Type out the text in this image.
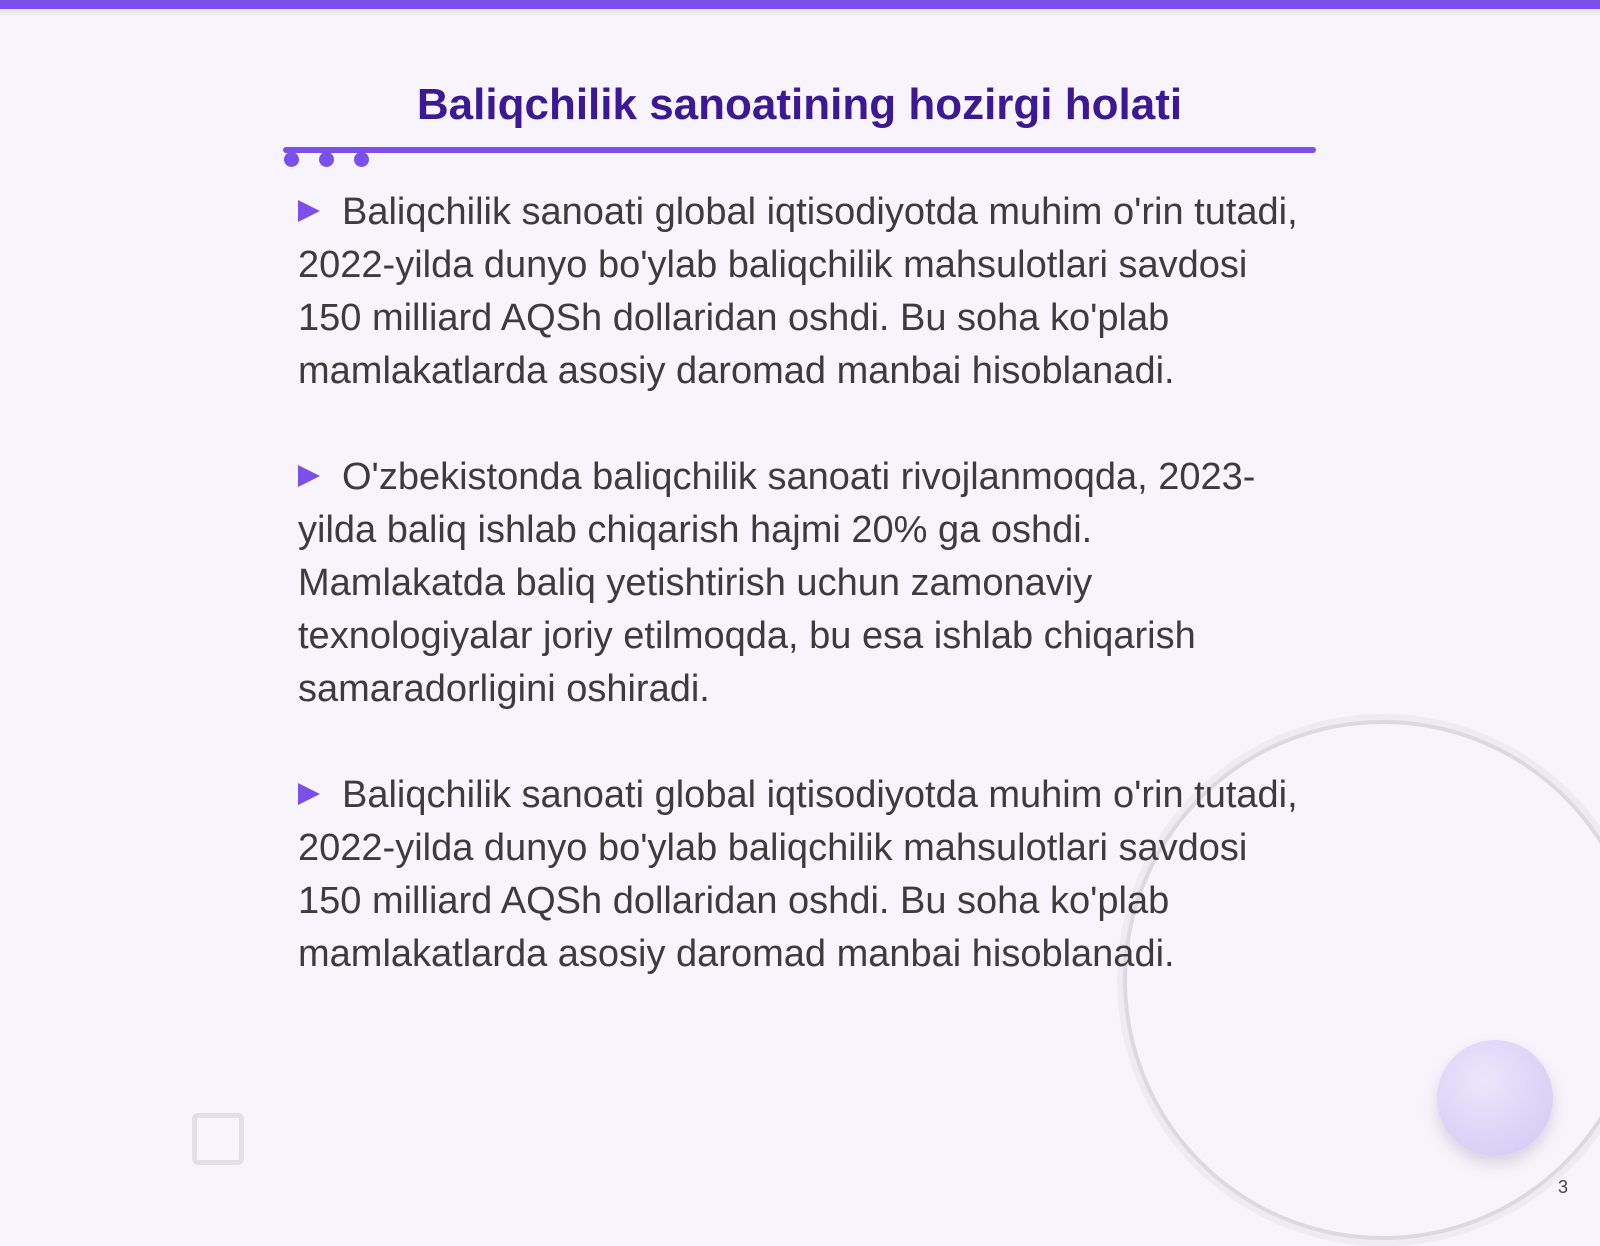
Baliqchilik sanoatining hozirgi holati

Baliqchilik sanoati global iqtisodiyotda muhim o'rin tutadi, 2022-yilda dunyo bo'ylab baliqchilik mahsulotlari savdosi 150 milliard AQSh dollaridan oshdi. Bu soha ko'plab mamlakatlarda asosiy daromad manbai hisoblanadi.

O'zbekistonda baliqchilik sanoati rivojlanmoqda, 2023-yilda baliq ishlab chiqarish hajmi 20% ga oshdi. Mamlakatda baliq yetishtirish uchun zamonaviy texnologiyalar joriy etilmoqda, bu esa ishlab chiqarish samaradorligini oshiradi.

Baliqchilik sanoati global iqtisodiyotda muhim o'rin tutadi, 2022-yilda dunyo bo'ylab baliqchilik mahsulotlari savdosi 150 milliard AQSh dollaridan oshdi. Bu soha ko'plab mamlakatlarda asosiy daromad manbai hisoblanadi.

3
